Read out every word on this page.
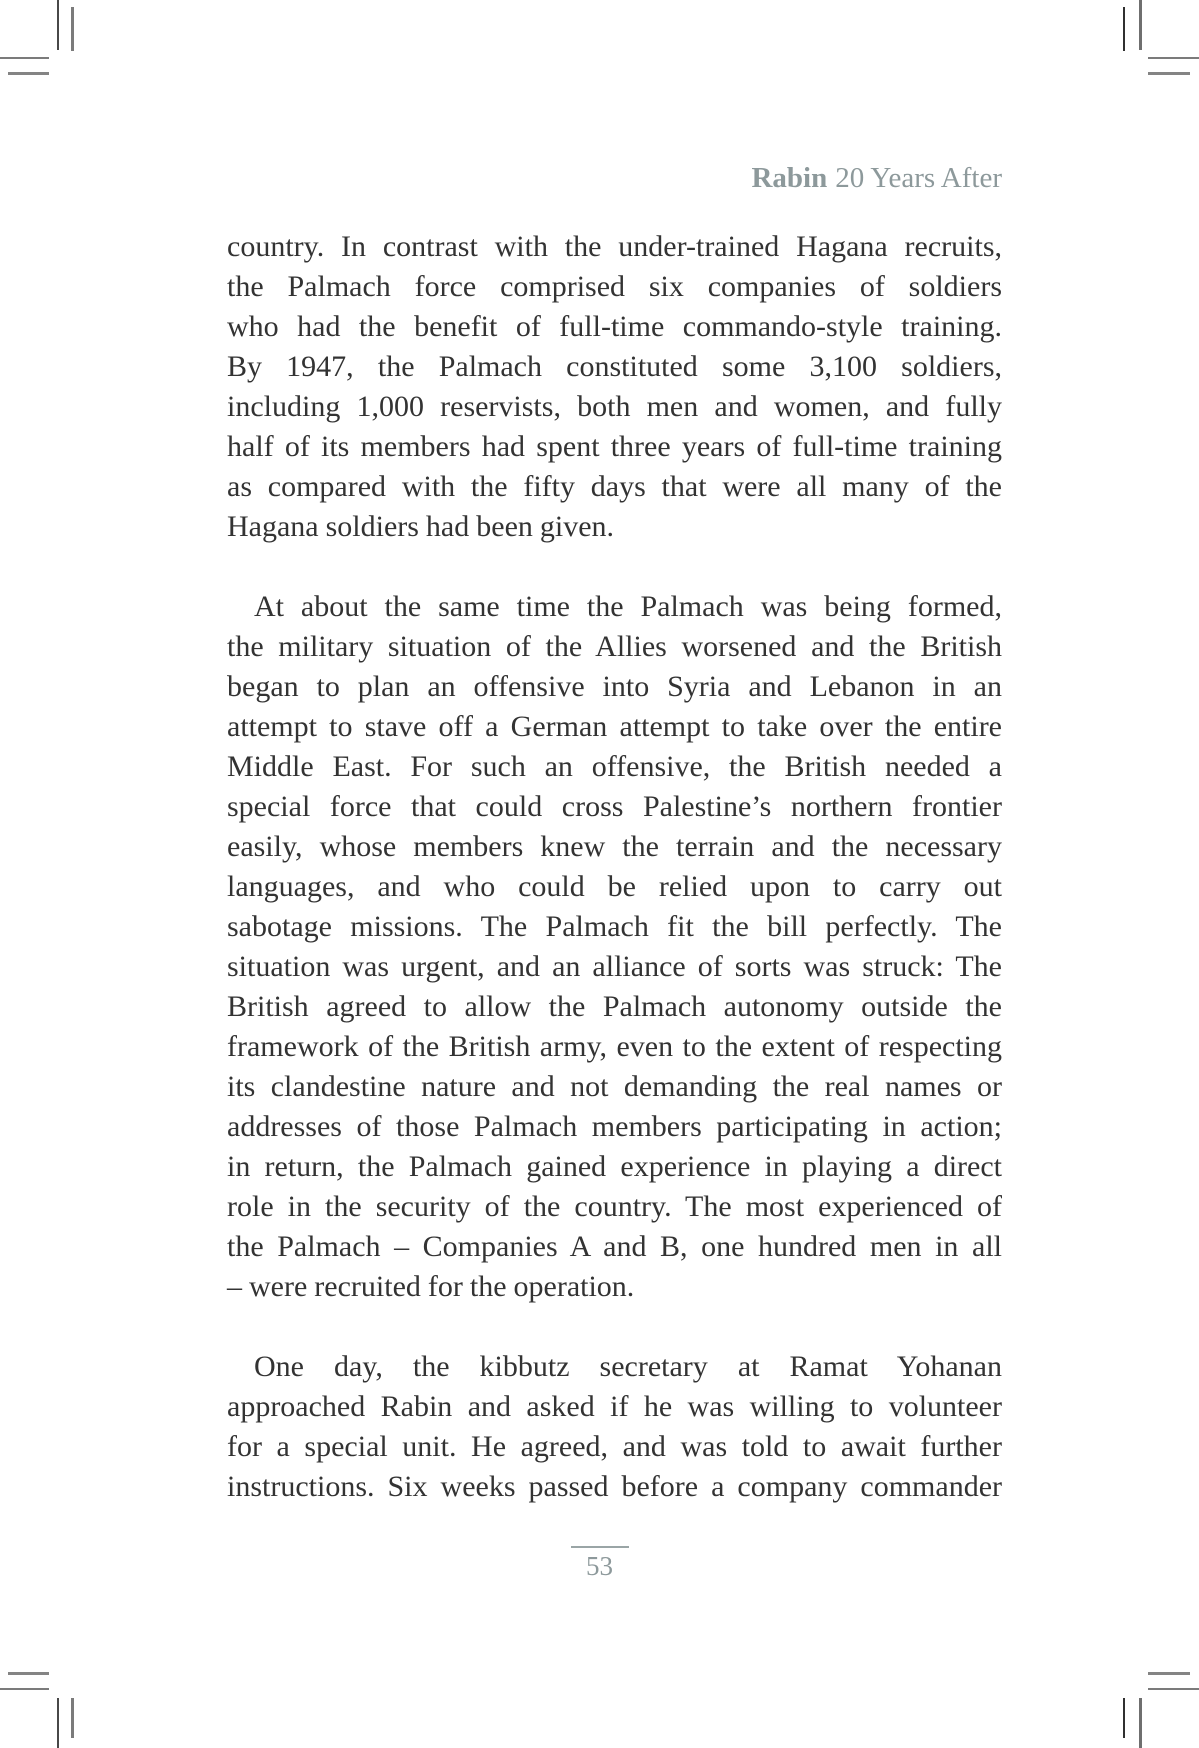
Rabin 20 Years After
country. In contrast with the under-trained Hagana recruits,
the Palmach force comprised six companies of soldiers
who had the benefit of full-time commando-style training.
By 1947, the Palmach constituted some 3,100 soldiers,
including 1,000 reservists, both men and women, and fully
half of its members had spent three years of full-time training
as compared with the fifty days that were all many of the
Hagana soldiers had been given.
At about the same time the Palmach was being formed,
the military situation of the Allies worsened and the British
began to plan an offensive into Syria and Lebanon in an
attempt to stave off a German attempt to take over the entire
Middle East. For such an offensive, the British needed a
special force that could cross Palestine’s northern frontier
easily, whose members knew the terrain and the necessary
languages, and who could be relied upon to carry out
sabotage missions. The Palmach fit the bill perfectly. The
situation was urgent, and an alliance of sorts was struck: The
British agreed to allow the Palmach autonomy outside the
framework of the British army, even to the extent of respecting
its clandestine nature and not demanding the real names or
addresses of those Palmach members participating in action;
in return, the Palmach gained experience in playing a direct
role in the security of the country. The most experienced of
the Palmach – Companies A and B, one hundred men in all
– were recruited for the operation.
One day, the kibbutz secretary at Ramat Yohanan
approached Rabin and asked if he was willing to volunteer
for a special unit. He agreed, and was told to await further
instructions. Six weeks passed before a company commander
53
